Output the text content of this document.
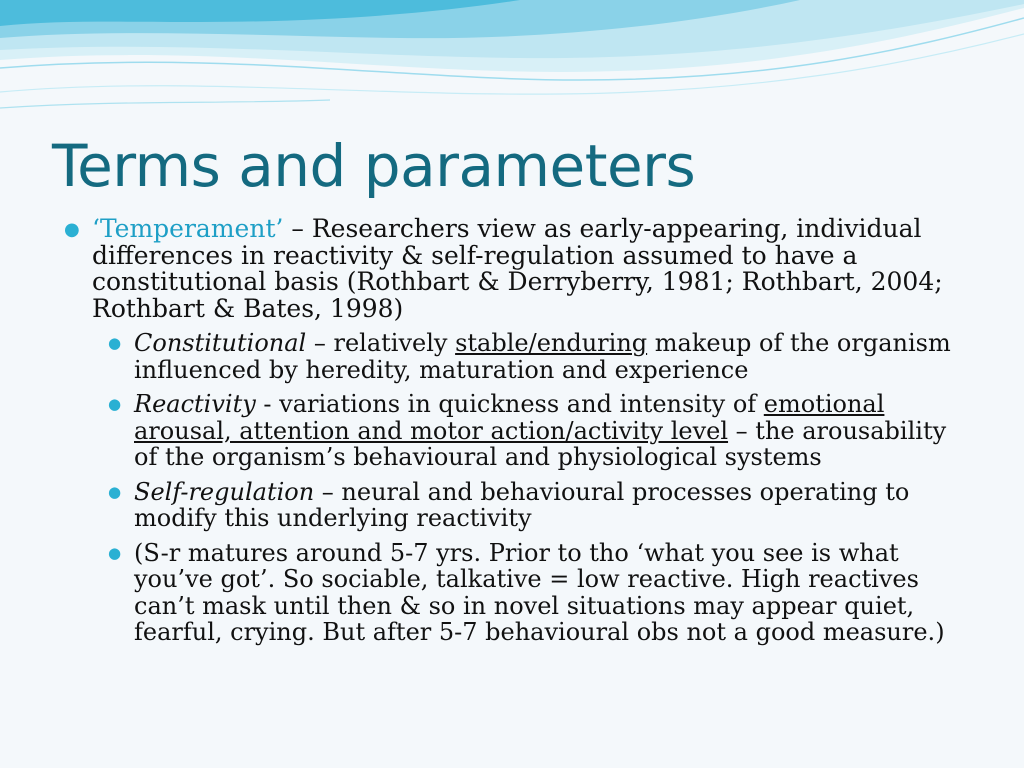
Terms and parameters
● ‘Temperament’ – Researchers view as early-appearing, individual differences in reactivity & self-regulation assumed to have a constitutional basis (Rothbart & Derryberry, 1981; Rothbart, 2004; Rothbart & Bates, 1998)
● Constitutional – relatively stable/enduring makeup of the organism influenced by heredity, maturation and experience
● Reactivity - variations in quickness and intensity of emotional arousal, attention and motor action/activity level – the arousability of the organism’s behavioural and physiological systems
● Self-regulation – neural and behavioural processes operating to modify this underlying reactivity
● (S-r matures around 5-7 yrs. Prior to tho ‘what you see is what you’ve got’. So sociable, talkative = low reactive. High reactives can’t mask until then & so in novel situations may appear quiet, fearful, crying. But after 5-7 behavioural obs not a good measure.)
